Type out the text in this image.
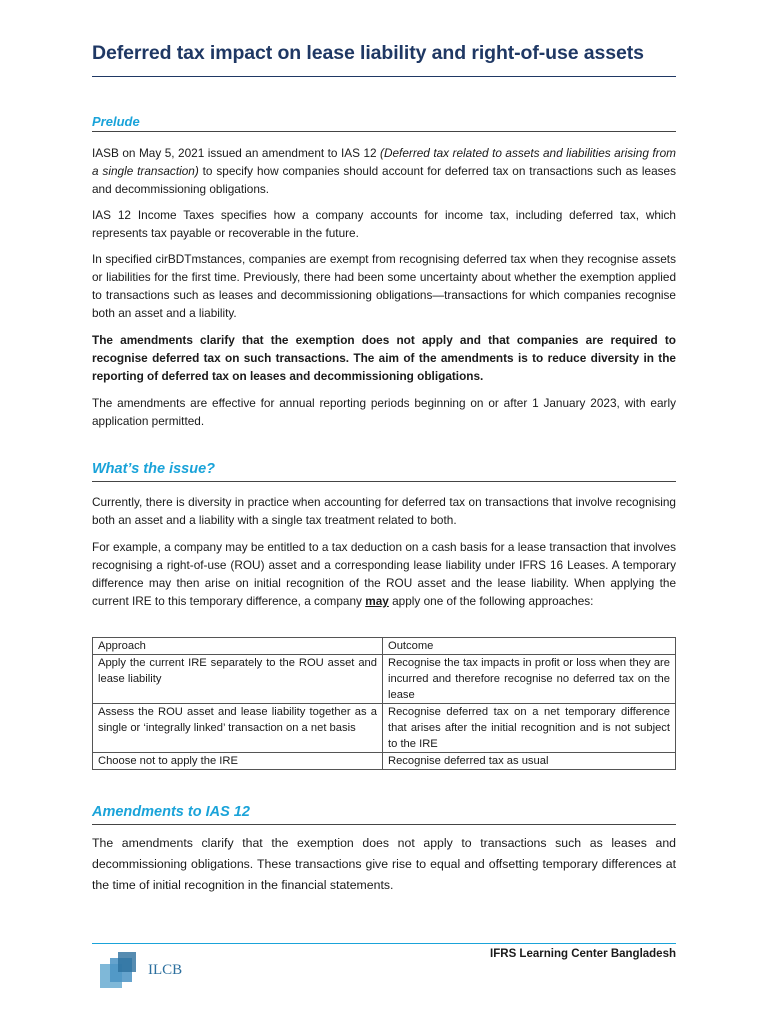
Deferred tax impact on lease liability and right-of-use assets
Prelude

IASB on May 5, 2021 issued an amendment to IAS 12 (Deferred tax related to assets and liabilities arising from a single transaction) to specify how companies should account for deferred tax on transactions such as leases and decommissioning obligations.

IAS 12 Income Taxes specifies how a company accounts for income tax, including deferred tax, which represents tax payable or recoverable in the future.

In specified cirBDTmstances, companies are exempt from recognising deferred tax when they recognise assets or liabilities for the first time. Previously, there had been some uncertainty about whether the exemption applied to transactions such as leases and decommissioning obligations—transactions for which companies recognise both an asset and a liability.

The amendments clarify that the exemption does not apply and that companies are required to recognise deferred tax on such transactions. The aim of the amendments is to reduce diversity in the reporting of deferred tax on leases and decommissioning obligations.

The amendments are effective for annual reporting periods beginning on or after 1 January 2023, with early application permitted.

What’s the issue?

Currently, there is diversity in practice when accounting for deferred tax on transactions that involve recognising both an asset and a liability with a single tax treatment related to both.

For example, a company may be entitled to a tax deduction on a cash basis for a lease transaction that involves recognising a right-of-use (ROU) asset and a corresponding lease liability under IFRS 16 Leases. A temporary difference may then arise on initial recognition of the ROU asset and the lease liability. When applying the current IRE to this temporary difference, a company may apply one of the following approaches:

Approach	Outcome
Apply the current IRE separately to the ROU asset and lease liability	Recognise the tax impacts in profit or loss when they are incurred and therefore recognise no deferred tax on the lease
Assess the ROU asset and lease liability together as a single or ‘integrally linked’ transaction on a net basis	Recognise deferred tax on a net temporary difference that arises after the initial recognition and is not subject to the IRE
Choose not to apply the IRE	Recognise deferred tax as usual
Amendments to IAS 12

The amendments clarify that the exemption does not apply to transactions such as leases and decommissioning obligations. These transactions give rise to equal and offsetting temporary differences at the time of initial recognition in the financial statements.

ILCB
IFRS Learning Center Bangladesh
